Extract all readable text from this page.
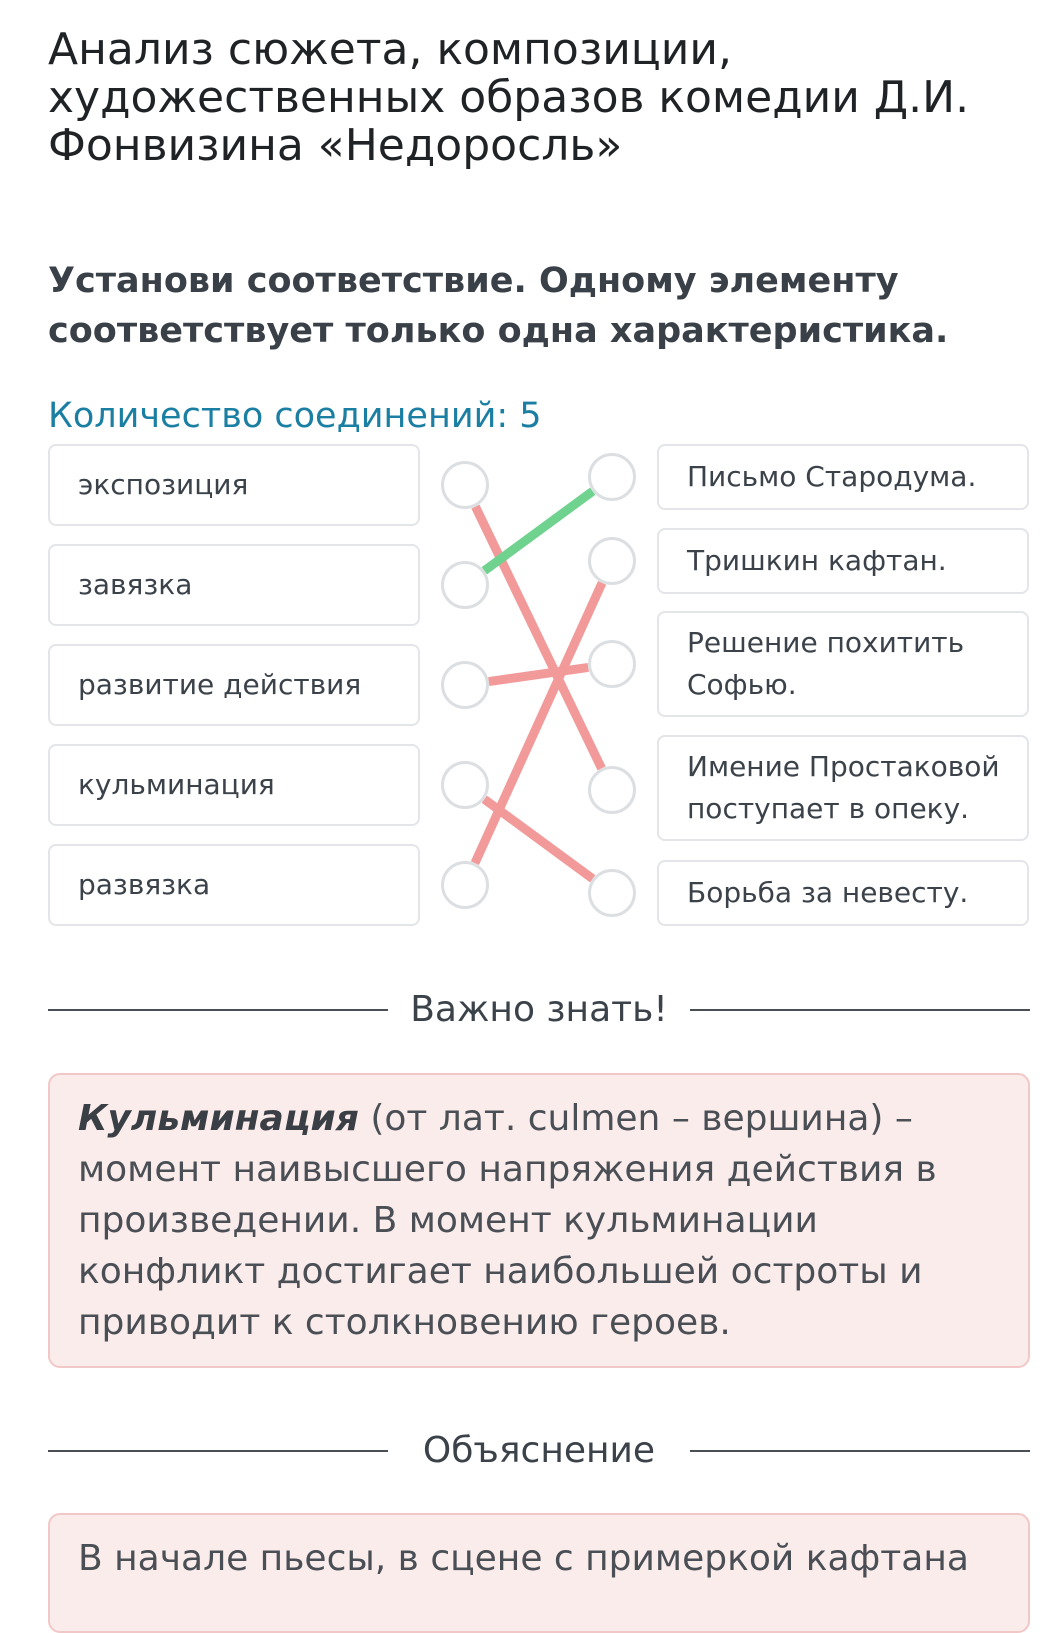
Анализ сюжета, композиции, художественных образов комедии Д.И. Фонвизина «Недоросль»
Установи соответствие. Одному элементу соответствует только одна характеристика.
Количество соединений: 5
экспозиция
завязка
развитие действия
кульминация
развязка
Письмо Стародума.
Тришкин кафтан.
Решение похитить Софью.
Имение Простаковой поступает в опеку.
Борьба за невесту.
Важно знать!
Кульминация (от лат. culmen – вершина) – момент наивысшего напряжения действия в произведении. В момент кульминации конфликт достигает наибольшей остроты и приводит к столкновению героев.
Объяснение
В начале пьесы, в сцене с примеркой кафтана
